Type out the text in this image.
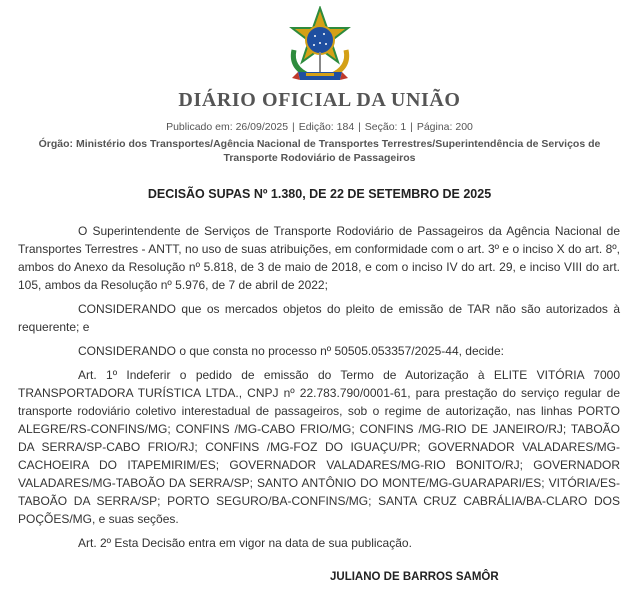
DIÁRIO OFICIAL DA UNIÃO
Publicado em: 26/09/2025 | Edição: 184 | Seção: 1 | Página: 200
Órgão: Ministério dos Transportes/Agência Nacional de Transportes Terrestres/Superintendência de Serviços de Transporte Rodoviário de Passageiros
DECISÃO SUPAS Nº 1.380, DE 22 DE SETEMBRO DE 2025

O Superintendente de Serviços de Transporte Rodoviário de Passageiros da Agência Nacional de Transportes Terrestres - ANTT, no uso de suas atribuições, em conformidade com o art. 3º e o inciso X do art. 8º, ambos do Anexo da Resolução nº 5.818, de 3 de maio de 2018, e com o inciso IV do art. 29, e inciso VIII do art. 105, ambos da Resolução nº 5.976, de 7 de abril de 2022;

CONSIDERANDO que os mercados objetos do pleito de emissão de TAR não são autorizados à requerente; e

CONSIDERANDO o que consta no processo nº 50505.053357/2025-44, decide:

Art. 1º Indeferir o pedido de emissão do Termo de Autorização à ELITE VITÓRIA 7000 TRANSPORTADORA TURÍSTICA LTDA., CNPJ nº 22.783.790/0001-61, para prestação do serviço regular de transporte rodoviário coletivo interestadual de passageiros, sob o regime de autorização, nas linhas PORTO ALEGRE/RS-CONFINS/MG; CONFINS /MG-CABO FRIO/MG; CONFINS /MG-RIO DE JANEIRO/RJ; TABOÃO DA SERRA/SP-CABO FRIO/RJ; CONFINS /MG-FOZ DO IGUAÇU/PR; GOVERNADOR VALADARES/MG-CACHOEIRA DO ITAPEMIRIM/ES; GOVERNADOR VALADARES/MG-RIO BONITO/RJ; GOVERNADOR VALADARES/MG-TABOÃO DA SERRA/SP; SANTO ANTÔNIO DO MONTE/MG-GUARAPARI/ES; VITÓRIA/ES-TABOÃO DA SERRA/SP; PORTO SEGURO/BA-CONFINS/MG; SANTA CRUZ CABRÁLIA/BA-CLARO DOS POÇÕES/MG, e suas seções.

Art. 2º Esta Decisão entra em vigor na data de sua publicação.

JULIANO DE BARROS SAMÔR
